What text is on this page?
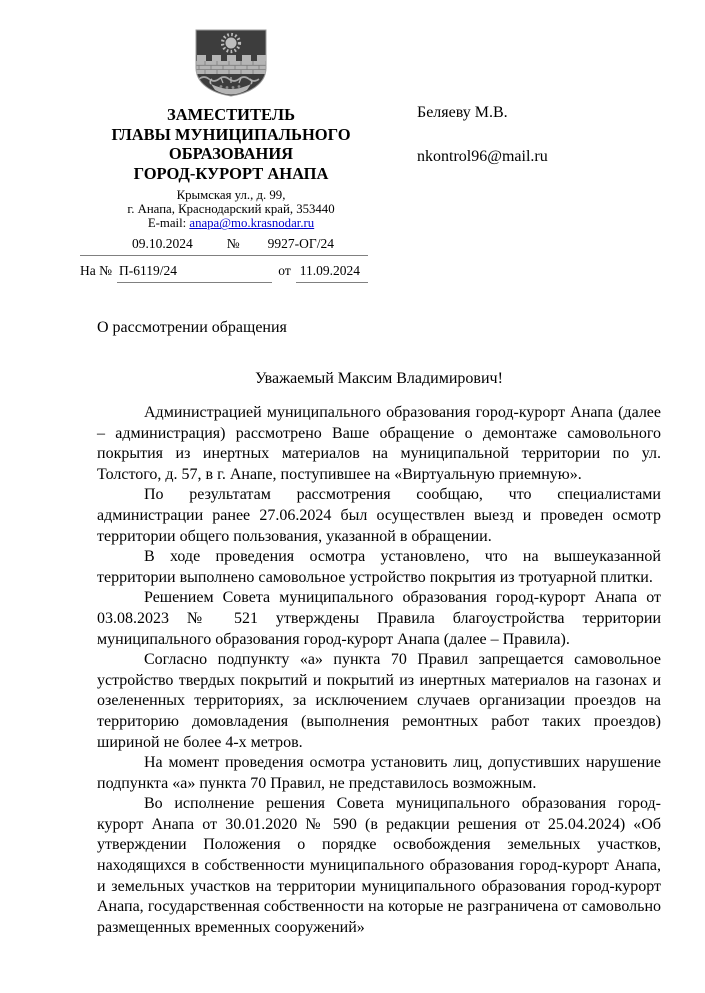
ЗАМЕСТИТЕЛЬ
ГЛАВЫ МУНИЦИПАЛЬНОГО
ОБРАЗОВАНИЯ
ГОРОД-КУРОРТ АНАПА
Крымская ул., д. 99,
г. Анапа, Краснодарский край, 353440
E-mail: anapa@mo.krasnodar.ru
Беляеву М.В.
nkontrol96@mail.ru
09.10.2024	№ 9927-ОГ/24
На № П-6119/24	от 11.09.2024
О рассмотрении обращения
Уважаемый Максим Владимирович!

Администрацией муниципального образования город-курорт Анапа (далее – администрация) рассмотрено Ваше обращение о демонтаже самовольного покрытия из инертных материалов на муниципальной территории по ул. Толстого, д. 57, в г. Анапе, поступившее на «Виртуальную приемную».

По результатам рассмотрения сообщаю, что специалистами администрации ранее 27.06.2024 был осуществлен выезд и проведен осмотр территории общего пользования, указанной в обращении.

В ходе проведения осмотра установлено, что на вышеуказанной территории выполнено самовольное устройство покрытия из тротуарной плитки.

Решением Совета муниципального образования город-курорт Анапа от 03.08.2023 № 521 утверждены Правила благоустройства территории муниципального образования город-курорт Анапа (далее – Правила).

Согласно подпункту «а» пункта 70 Правил запрещается самовольное устройство твердых покрытий и покрытий из инертных материалов на газонах и озелененных территориях, за исключением случаев организации проездов на территорию домовладения (выполнения ремонтных работ таких проездов) шириной не более 4-х метров.

На момент проведения осмотра установить лиц, допустивших нарушение подпункта «а» пункта 70 Правил, не представилось возможным.

Во исполнение решения Совета муниципального образования город-курорт Анапа от 30.01.2020 № 590 (в редакции решения от 25.04.2024) «Об утверждении Положения о порядке освобождения земельных участков, находящихся в собственности муниципального образования город-курорт Анапа, и земельных участков на территории муниципального образования город-курорт Анапа, государственная собственности на которые не разграничена от самовольно размещенных временных сооружений»
